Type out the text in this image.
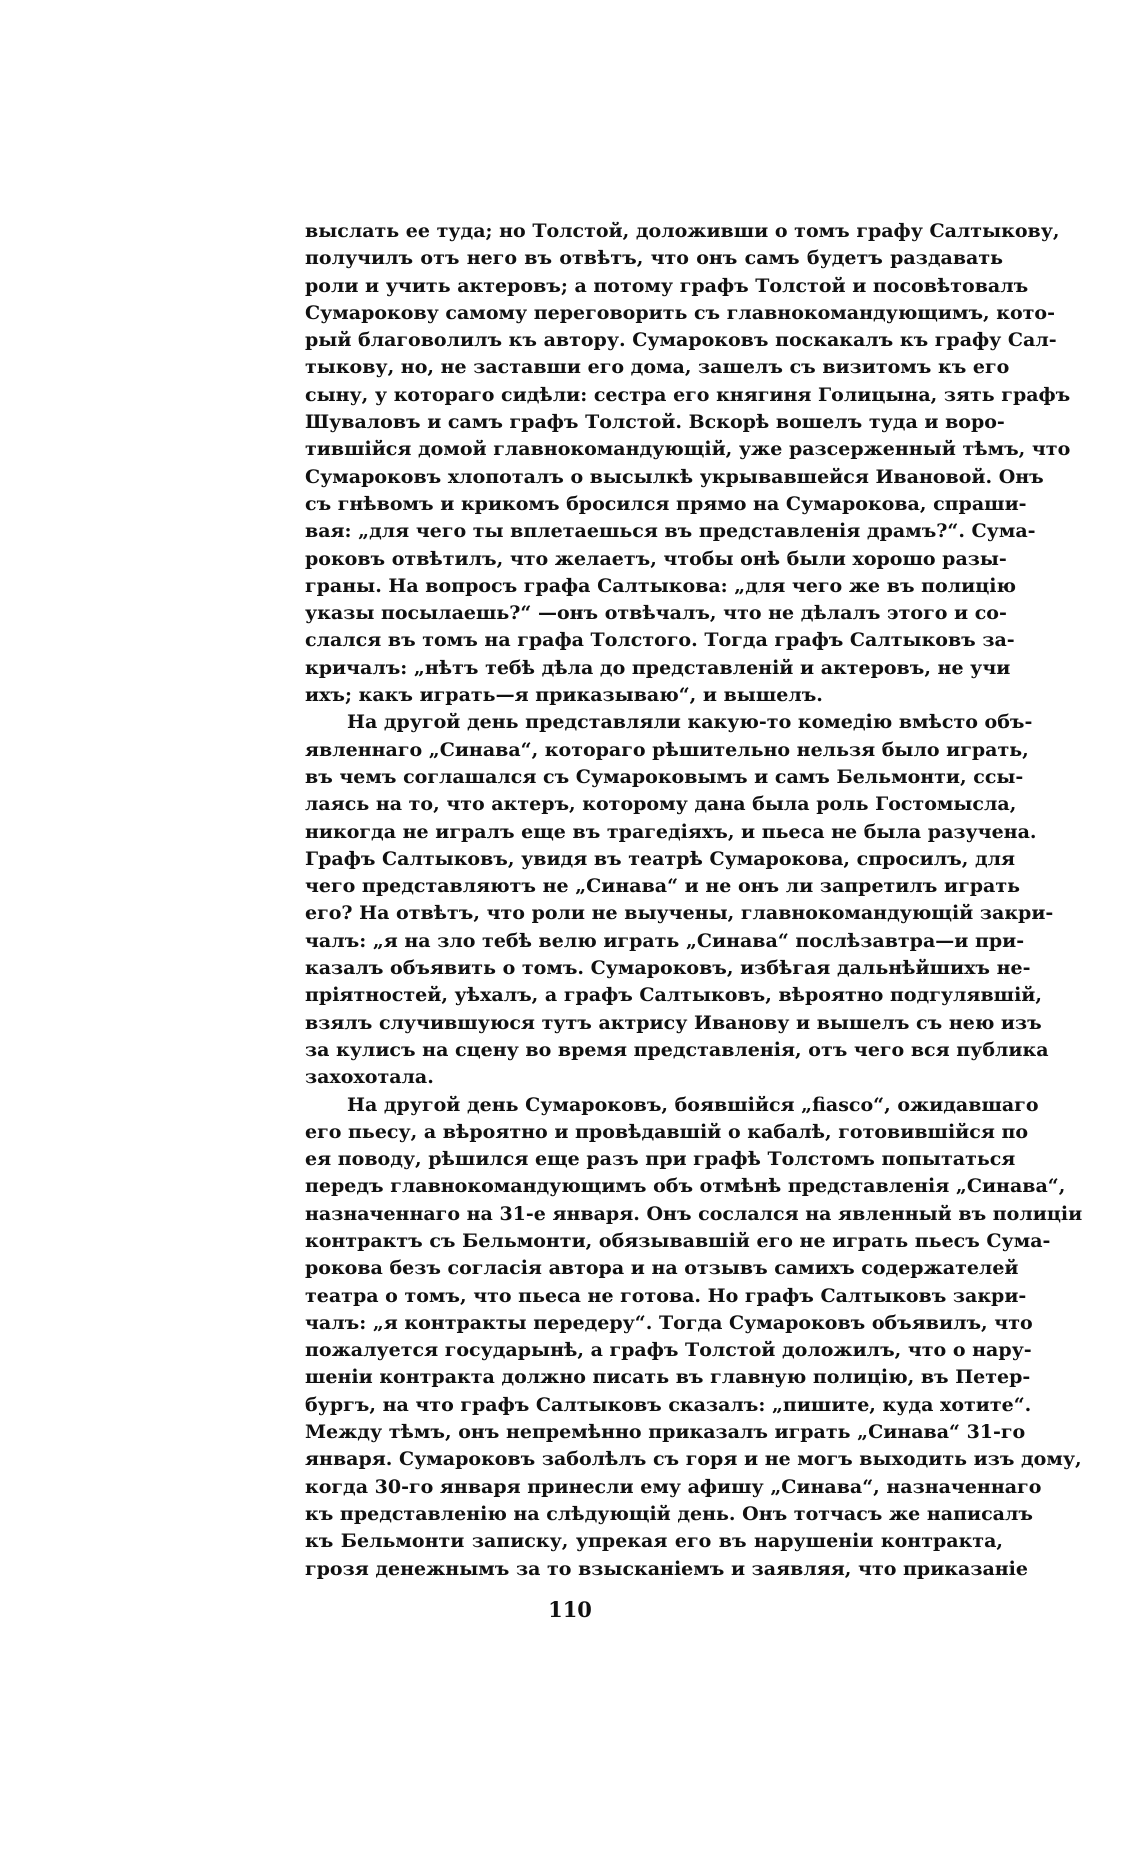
выслать ее туда; но Толстой, доложивши о томъ графу Салтыкову,
получилъ отъ него въ отвѣтъ, что онъ самъ будетъ раздавать
роли и учить актеровъ; а потому графъ Толстой и посовѣтовалъ
Сумарокову самому переговорить съ главнокомандующимъ, кото-
рый благоволилъ къ автору. Сумароковъ поскакалъ къ графу Сал-
тыкову, но, не заставши его дома, зашелъ съ визитомъ къ его
сыну, у котораго сидѣли: сестра его княгиня Голицына, зять графъ
Шуваловъ и самъ графъ Толстой. Вскорѣ вошелъ туда и воро-
тившiйся домой главнокомандующiй, уже разсерженный тѣмъ, что
Сумароковъ хлопоталъ о высылкѣ укрывавшейся Ивановой. Онъ
съ гнѣвомъ и крикомъ бросился прямо на Сумарокова, спраши-
вая: „для чего ты вплетаешься въ представленiя драмъ?“. Сума-
роковъ отвѣтилъ, что желаетъ, чтобы онѣ были хорошо разы-
граны. На вопросъ графа Салтыкова: „для чего же въ полицiю
указы посылаешь?“ —онъ отвѣчалъ, что не дѣлалъ этого и со-
слался въ томъ на графа Толстого. Тогда графъ Салтыковъ за-
кричалъ: „нѣтъ тебѣ дѣла до представленiй и актеровъ, не учи
ихъ; какъ играть—я приказываю“, и вышелъ.
На другой день представляли какую-то комедiю вмѣсто объ-
явленнаго „Синава“, котораго рѣшительно нельзя было играть,
въ чемъ соглашался съ Сумароковымъ и самъ Бельмонти, ссы-
лаясь на то, что актеръ, которому дана была роль Гостомысла,
никогда не игралъ еще въ трагедiяхъ, и пьеса не была разучена.
Графъ Салтыковъ, увидя въ театрѣ Сумарокова, спросилъ, для
чего представляютъ не „Синава“ и не онъ ли запретилъ играть
его? На отвѣтъ, что роли не выучены, главнокомандующiй закри-
чалъ: „я на зло тебѣ велю играть „Синава“ послѣзавтра—и при-
казалъ объявить о томъ. Сумароковъ, избѣгая дальнѣйшихъ не-
прiятностей, уѣхалъ, а графъ Салтыковъ, вѣроятно подгулявшiй,
взялъ случившуюся тутъ актрису Иванову и вышелъ съ нею изъ
за кулисъ на сцену во время представленiя, отъ чего вся публика
захохотала.
На другой день Сумароковъ, боявшiйся „fiasco“, ожидавшаго
его пьесу, а вѣроятно и провѣдавшiй о кабалѣ, готовившiйся по
ея поводу, рѣшился еще разъ при графѣ Толстомъ попытаться
передъ главнокомандующимъ объ отмѣнѣ представленiя „Синава“,
назначеннаго на 31-е января. Онъ сослался на явленный въ полицiи
контрактъ съ Бельмонти, обязывавшiй его не играть пьесъ Сума-
рокова безъ согласiя автора и на отзывъ самихъ содержателей
театра о томъ, что пьеса не готова. Но графъ Салтыковъ закри-
чалъ: „я контракты передеру“. Тогда Сумароковъ объявилъ, что
пожалуется государынѣ, а графъ Толстой доложилъ, что о нару-
шенiи контракта должно писать въ главную полицiю, въ Петер-
бургъ, на что графъ Салтыковъ сказалъ: „пишите, куда хотите“.
Между тѣмъ, онъ непремѣнно приказалъ играть „Синава“ 31-го
января. Сумароковъ заболѣлъ съ горя и не могъ выходить изъ дому,
когда 30-го января принесли ему афишу „Синава“, назначеннаго
къ представленiю на слѣдующiй день. Онъ тотчасъ же написалъ
къ Бельмонти записку, упрекая его въ нарушенiи контракта,
грозя денежнымъ за то взысканiемъ и заявляя, что приказанiе
110
